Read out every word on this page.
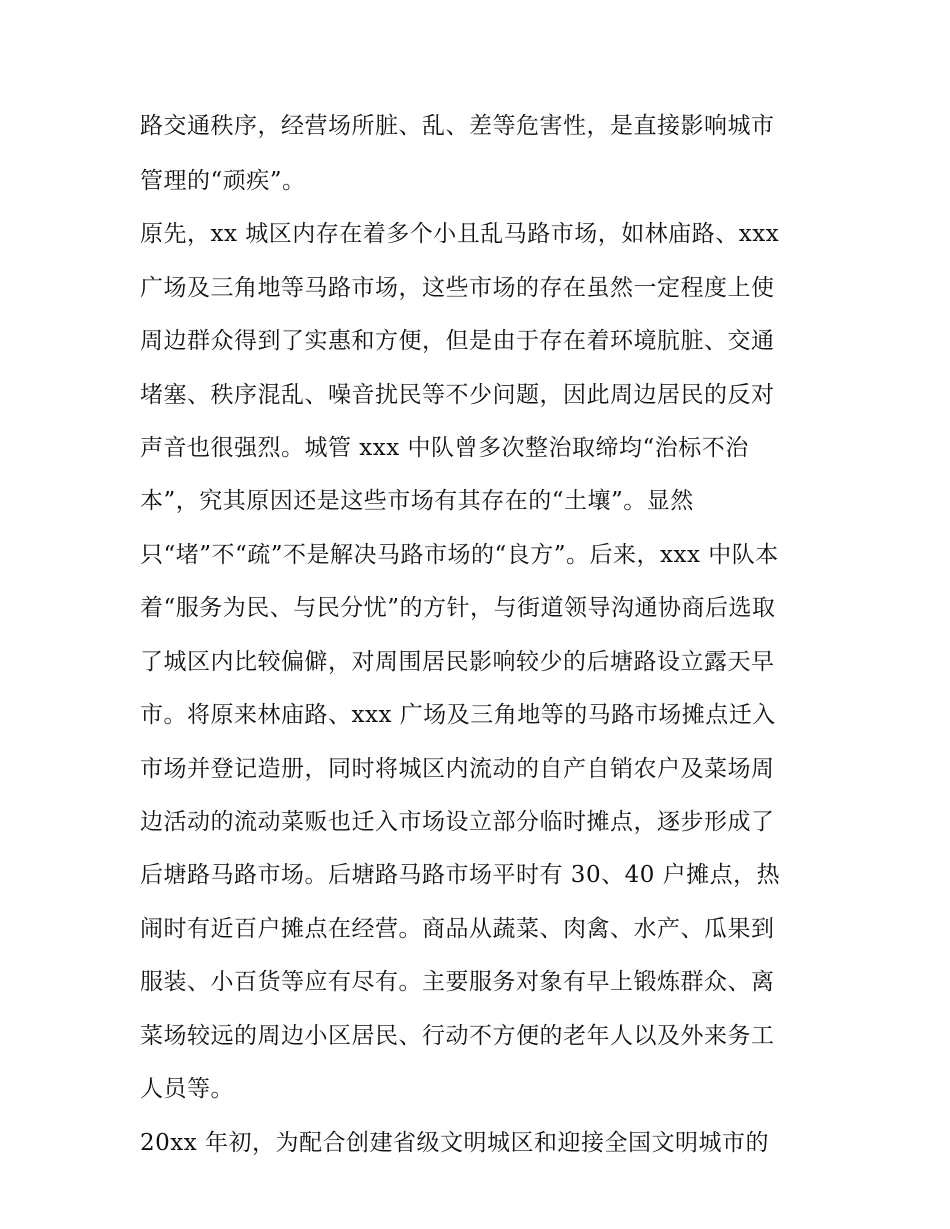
路交通秩序，经营场所脏、乱、差等危害性，是直接影响城市
管理的“顽疾”。
原先，xx 城区内存在着多个小且乱马路市场，如林庙路、xxx
广场及三角地等马路市场，这些市场的存在虽然一定程度上使
周边群众得到了实惠和方便，但是由于存在着环境肮脏、交通
堵塞、秩序混乱、噪音扰民等不少问题，因此周边居民的反对
声音也很强烈。城管 xxx 中队曾多次整治取缔均“治标不治
本”，究其原因还是这些市场有其存在的“土壤”。显然
只“堵”不“疏”不是解决马路市场的“良方”。后来，xxx 中队本
着“服务为民、与民分忧”的方针，与街道领导沟通协商后选取
了城区内比较偏僻，对周围居民影响较少的后塘路设立露天早
市。将原来林庙路、xxx 广场及三角地等的马路市场摊点迁入
市场并登记造册，同时将城区内流动的自产自销农户及菜场周
边活动的流动菜贩也迁入市场设立部分临时摊点，逐步形成了
后塘路马路市场。后塘路马路市场平时有 30、40 户摊点，热
闹时有近百户摊点在经营。商品从蔬菜、肉禽、水产、瓜果到
服装、小百货等应有尽有。主要服务对象有早上锻炼群众、离
菜场较远的周边小区居民、行动不方便的老年人以及外来务工
人员等。
20xx 年初，为配合创建省级文明城区和迎接全国文明城市的
